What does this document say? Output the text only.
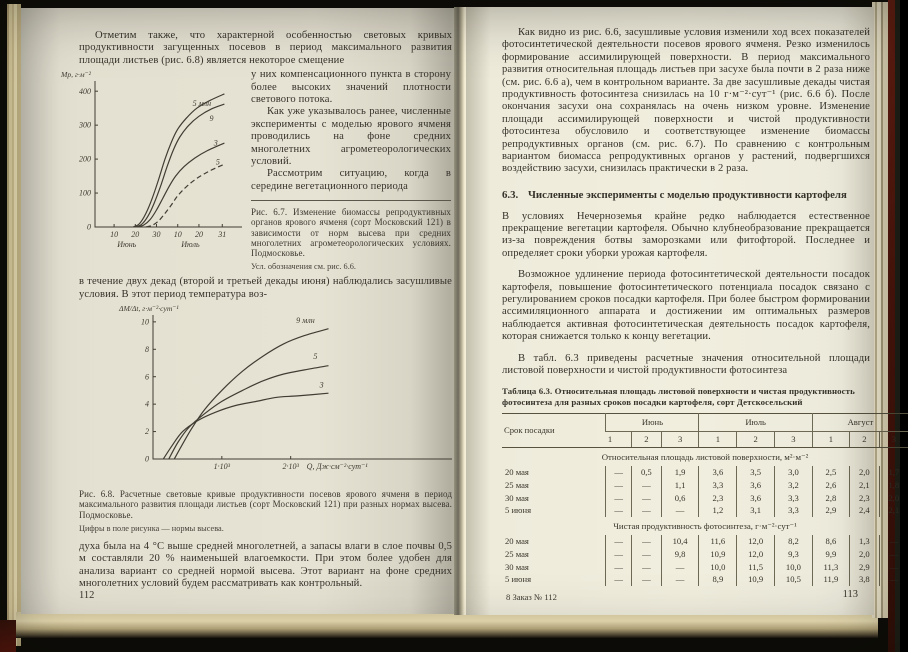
Отметим также, что характерной особенностью световых кривых продуктивности загущенных посевов в период максимального развития площади листьев (рис. 6.8) является некоторое смещение
0
100
200
300
400
10 20 30 10 20 31
Июнь	Июль
Мр, г·м⁻²
5 млн
9
3
5
у них компенсационного пункта в сторону более высоких значений плотности светового потока.
Как уже указывалось ранее, численные эксперименты с моделью ярового ячменя проводились на фоне средних многолетних агрометеорологических условий.
Рассмотрим ситуацию, когда в середине вегетационного периода
Рис. 6.7. Изменение биомассы репродуктивных органов ярового ячменя (сорт Московский 121) в зависимости от норм высева при средних многолетних агрометеорологических условиях. Подмосковье.
Усл. обозначения см. рис. 6.6.
в течение двух декад (второй и третьей декады июня) наблюдались засушливые условия. В этот период температура воз-
0
2
4
6
8
10
1·10³	2·10³ Q, Дж·см⁻²·сут⁻¹
ΔM/Δt, г·м⁻²·сут⁻¹
9 млн
5
3
Рис. 6.8. Расчетные световые кривые продуктивности посевов ярового ячменя в период максимального развития площади листьев (сорт Московский 121) при разных нормах высева. Подмосковье.
Цифры в поле рисунка — нормы высева.
духа была на 4 °С выше средней многолетней, а запасы влаги в слое почвы 0,5 м составляли 20 % наименьшей влагоемкости. При этом более удобен для анализа вариант со средней нормой высева. Этот вариант на фоне средних многолетних условий будем рассматривать как контрольный.
112
Как видно из рис. 6.6, засушливые условия изменили ход всех показателей фотосинтетической деятельности посевов ярового ячменя. Резко изменилось формирование ассимилирующей поверхности. В период максимального развития относительная площадь листьев при засухе была почти в 2 раза ниже (см. рис. 6.6 а), чем в контрольном варианте. За две засушливые декады чистая продуктивность фотосинтеза снизилась на 10 г·м⁻²·сут⁻¹ (рис. 6.6 б). После окончания засухи она сохранялась на очень низком уровне. Изменение площади ассимилирующей поверхности и чистой продуктивности фотосинтеза обусловило и соответствующее изменение биомассы репродуктивных органов (см. рис. 6.7). По сравнению с контрольным вариантом биомасса репродуктивных органов у растений, подвергшихся воздействию засухи, снизилась практически в 2 раза.
6.3. Численные эксперименты с моделью продуктивности картофеля
В условиях Нечерноземья крайне редко наблюдается естественное прекращение вегетации картофеля. Обычно клубнеобразование прекращается из-за повреждения ботвы заморозками или фитофторой. Последнее и определяет сроки уборки урожая картофеля.
Возможное удлинение периода фотосинтетической деятельности посадок картофеля, повышение фотосинтетического потенциала посадок связано с регулированием сроков посадки картофеля. При более быстром формировании ассимиляционного аппарата и достижении им оптимальных размеров наблюдается активная фотосинтетическая деятельность посадок картофеля, которая снижается только к концу вегетации.
В табл. 6.3 приведены расчетные значения относительной площади листовой поверхности и чистой продуктивности фотосинтеза
Таблица 6.3. Относительная площадь листовой поверхности и чистая продуктивность фотосинтеза для разных сроков посадки картофеля, сорт Детскосельский
Срок посадки	Июнь			Июль			Август		
	1	2	3	1	2	3	1	2	3
Относительная площадь листовой поверхности, м²·м⁻²									
20 мая	—	0,5	1,9	3,6	3,5	3,0	2,5	2,0	1,7
25 мая	—	—	1,1	3,3	3,6	3,2	2,6	2,1	1,8
30 мая	—	—	0,6	2,3	3,6	3,3	2,8	2,3	2,0
5 июня	—	—	—	1,2	3,1	3,3	2,9	2,4	2,1
Чистая продуктивность фотосинтеза, г·м⁻²·сут⁻¹									
20 мая	—	—	10,4	11,6	12,0	8,2	8,6	1,3	—
25 мая	—	—	9,8	10,9	12,0	9,3	9,9	2,0	—
30 мая	—	—	—	10,0	11,5	10,0	11,3	2,9	—
5 июня	—	—	—	8,9	10,9	10,5	11,9	3,8	—
8 Заказ № 112	113
